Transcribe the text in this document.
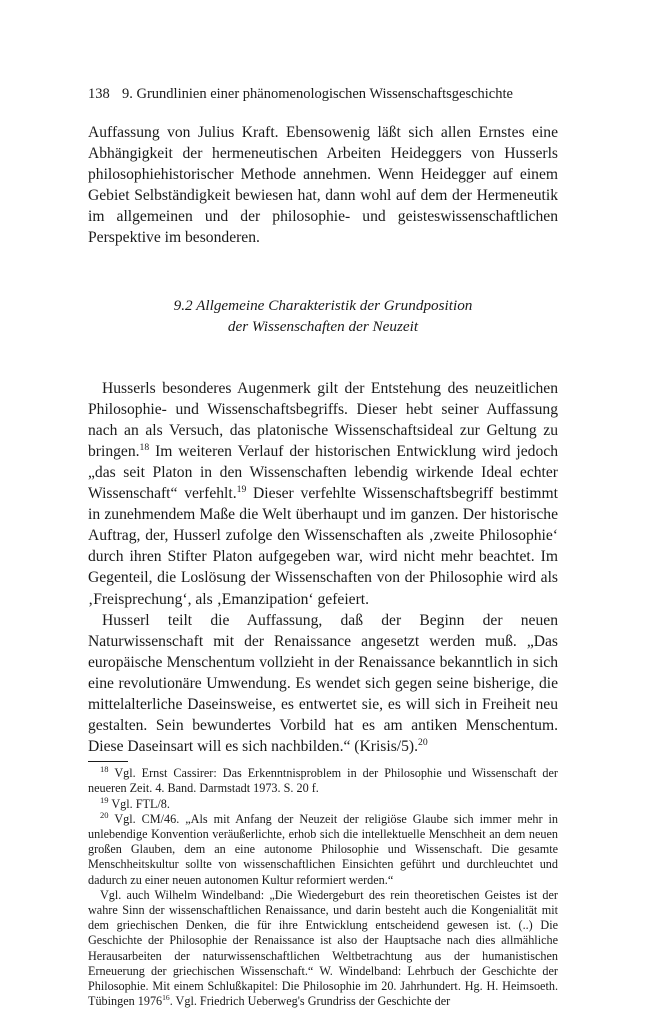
138 9. Grundlinien einer phänomenologischen Wissenschaftsgeschichte

Auffassung von Julius Kraft. Ebensowenig läßt sich allen Ernstes eine Abhängigkeit der hermeneutischen Arbeiten Heideggers von Husserls philosophiehistorischer Methode annehmen. Wenn Heidegger auf einem Gebiet Selbständigkeit bewiesen hat, dann wohl auf dem der Hermeneutik im allgemeinen und der philosophie- und geisteswissenschaftlichen Perspektive im besonderen.

9.2 Allgemeine Charakteristik der Grundposition
der Wissenschaften der Neuzeit

Husserls besonderes Augenmerk gilt der Entstehung des neuzeitlichen Philosophie- und Wissenschaftsbegriffs. Dieser hebt seiner Auffassung nach an als Versuch, das platonische Wissenschaftsideal zur Geltung zu bringen.$^{18}$ Im weiteren Verlauf der historischen Entwicklung wird jedoch „das seit Platon in den Wissenschaften lebendig wirkende Ideal echter Wissenschaft“ verfehlt.$^{19}$ Dieser verfehlte Wissenschaftsbegriff bestimmt in zunehmendem Maße die Welt überhaupt und im ganzen. Der historische Auftrag, der, Husserl zufolge den Wissenschaften als ‚zweite Philosophie‘ durch ihren Stifter Platon aufgegeben war, wird nicht mehr beachtet. Im Gegenteil, die Loslösung der Wissenschaften von der Philosophie wird als ‚Freisprechung‘, als ‚Emanzipation‘ gefeiert.

Husserl teilt die Auffassung, daß der Beginn der neuen Naturwissenschaft mit der Renaissance angesetzt werden muß. „Das europäische Menschentum vollzieht in der Renaissance bekanntlich in sich eine revolutionäre Umwendung. Es wendet sich gegen seine bisherige, die mittelalterliche Daseinsweise, es entwertet sie, es will sich in Freiheit neu gestalten. Sein bewundertes Vorbild hat es am antiken Menschentum. Diese Daseinsart will es sich nachbilden.“ (Krisis/5).$^{20}$

$^{18}$ Vgl. Ernst Cassirer: Das Erkenntnisproblem in der Philosophie und Wissenschaft der neueren Zeit. 4. Band. Darmstadt 1973. S. 20 f.

$^{19}$ Vgl. FTL/8.

$^{20}$ Vgl. CM/46. „Als mit Anfang der Neuzeit der religiöse Glaube sich immer mehr in unlebendige Konvention veräußerlichte, erhob sich die intellektuelle Menschheit an dem neuen großen Glauben, dem an eine autonome Philosophie und Wissenschaft. Die gesamte Menschheitskultur sollte von wissenschaftlichen Einsichten geführt und durchleuchtet und dadurch zu einer neuen autonomen Kultur reformiert werden.“

Vgl. auch Wilhelm Windelband: „Die Wiedergeburt des rein theoretischen Geistes ist der wahre Sinn der wissenschaftlichen Renaissance, und darin besteht auch die Kongenialität mit dem griechischen Denken, die für ihre Entwicklung entscheidend gewesen ist. (..) Die Geschichte der Philosophie der Renaissance ist also der Hauptsache nach dies allmähliche Herausarbeiten der naturwissenschaftlichen Weltbetrachtung aus der humanistischen Erneuerung der griechischen Wissenschaft.“ W. Windelband: Lehrbuch der Geschichte der Philosophie. Mit einem Schlußkapitel: Die Philosophie im 20. Jahrhundert. Hg. H. Heimsoeth. Tübingen 1976$^{16}$. Vgl. Friedrich Ueberweg's Grundriss der Geschichte der
